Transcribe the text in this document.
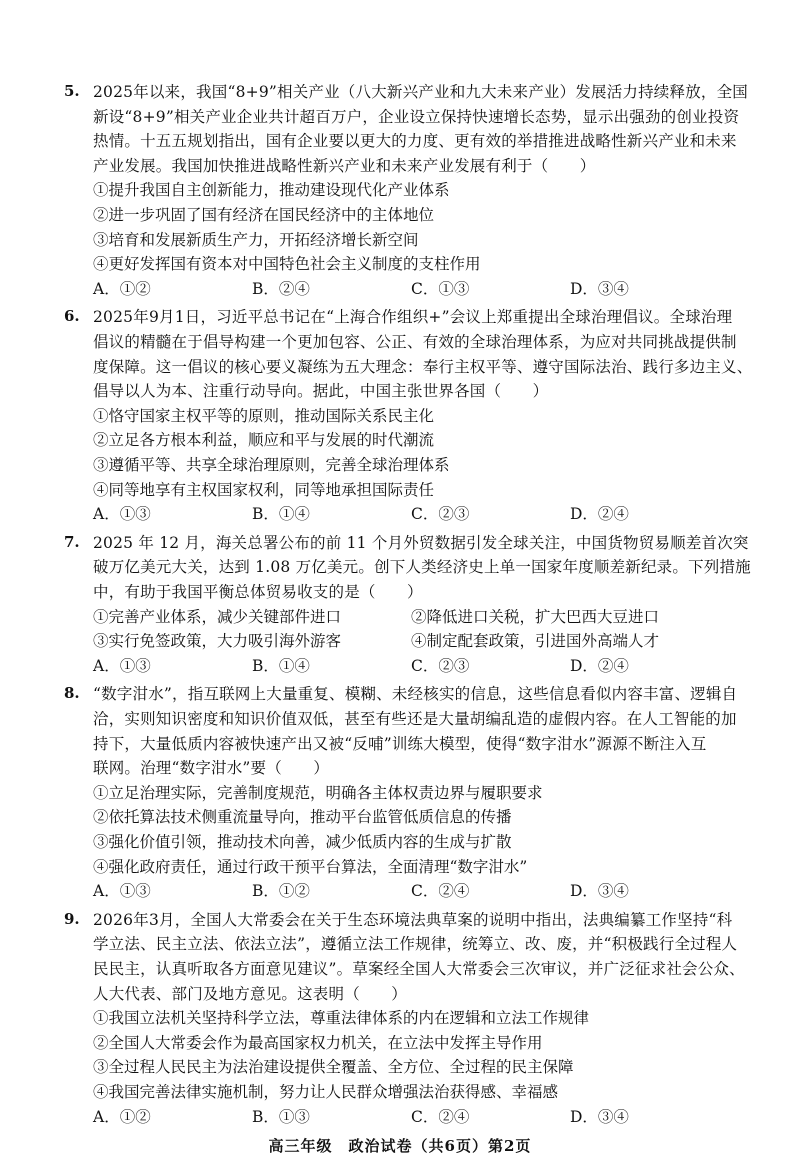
5. 2025年以来，我国“8+9”相关产业（八大新兴产业和九大未来产业）发展活力持续释放，全国
新设“8+9”相关产业企业共计超百万户，企业设立保持快速增长态势，显示出强劲的创业投资
热情。十五五规划指出，国有企业要以更大的力度、更有效的举措推进战略性新兴产业和未来
产业发展。我国加快推进战略性新兴产业和未来产业发展有利于（　　）
①提升我国自主创新能力，推动建设现代化产业体系
②进一步巩固了国有经济在国民经济中的主体地位
③培育和发展新质生产力，开拓经济增长新空间
④更好发挥国有资本对中国特色社会主义制度的支柱作用
A．①②	B．②④	C．①③	D．③④
6. 2025年9月1日，习近平总书记在“上海合作组织+”会议上郑重提出全球治理倡议。全球治理
倡议的精髓在于倡导构建一个更加包容、公正、有效的全球治理体系，为应对共同挑战提供制
度保障。这一倡议的核心要义凝练为五大理念：奉行主权平等、遵守国际法治、践行多边主义、
倡导以人为本、注重行动导向。据此，中国主张世界各国（　　）
①恪守国家主权平等的原则，推动国际关系民主化
②立足各方根本利益，顺应和平与发展的时代潮流
③遵循平等、共享全球治理原则，完善全球治理体系
④同等地享有主权国家权利，同等地承担国际责任
A．①③	B．①④	C．②③	D．②④
7. 2025 年 12 月，海关总署公布的前 11 个月外贸数据引发全球关注，中国货物贸易顺差首次突
破万亿美元大关，达到 1.08 万亿美元。创下人类经济史上单一国家年度顺差新纪录。下列措施
中，有助于我国平衡总体贸易收支的是（　　）
①完善产业体系，减少关键部件进口	②降低进口关税，扩大巴西大豆进口
③实行免签政策，大力吸引海外游客	④制定配套政策，引进国外高端人才
A．①③	B．①④	C．②③	D．②④
8. “数字泔水”，指互联网上大量重复、模糊、未经核实的信息，这些信息看似内容丰富、逻辑自
洽，实则知识密度和知识价值双低，甚至有些还是大量胡编乱造的虚假内容。在人工智能的加
持下，大量低质内容被快速产出又被“反哺”训练大模型，使得“数字泔水”源源不断注入互
联网。治理“数字泔水”要（　　）
①立足治理实际，完善制度规范，明确各主体权责边界与履职要求
②依托算法技术侧重流量导向，推动平台监管低质信息的传播
③强化价值引领，推动技术向善，减少低质内容的生成与扩散
④强化政府责任，通过行政干预平台算法，全面清理“数字泔水”
A．①③	B．①②	C．②④	D．③④
9. 2026年3月，全国人大常委会在关于生态环境法典草案的说明中指出，法典编纂工作坚持“科
学立法、民主立法、依法立法”，遵循立法工作规律，统筹立、改、废，并“积极践行全过程人
民民主，认真听取各方面意见建议”。草案经全国人大常委会三次审议，并广泛征求社会公众、
人大代表、部门及地方意见。这表明（　　）
①我国立法机关坚持科学立法，尊重法律体系的内在逻辑和立法工作规律
②全国人大常委会作为最高国家权力机关，在立法中发挥主导作用
③全过程人民民主为法治建设提供全覆盖、全方位、全过程的民主保障
④我国完善法律实施机制，努力让人民群众增强法治获得感、幸福感
高三年级　政治试卷（共6页）第2页
A．①②	B．①③	C．②④	D．③④
